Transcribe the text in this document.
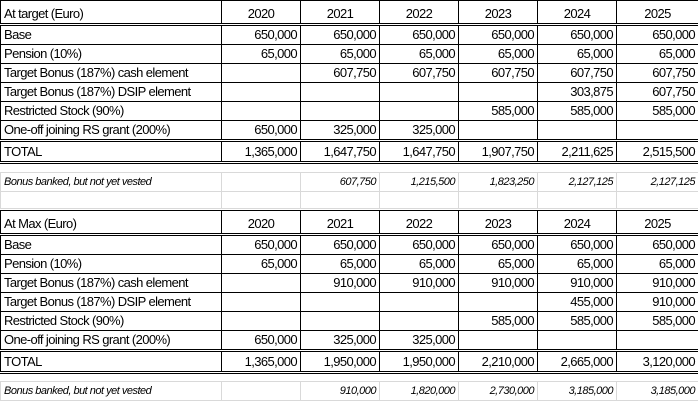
At target (Euro)	2020	2021	2022	2023	2024	2025
Base	650,000	650,000	650,000	650,000	650,000	650,000
Pension (10%)	65,000	65,000	65,000	65,000	65,000	65,000
Target Bonus (187%) cash element		607,750	607,750	607,750	607,750	607,750
Target Bonus (187%) DSIP element					303,875	607,750
Restricted Stock (90%)				585,000	585,000	585,000
One-off joining RS grant (200%)	650,000	325,000	325,000			
TOTAL	1,365,000	1,647,750	1,647,750	1,907,750	2,211,625	2,515,500
Bonus banked, but not yet vested		607,750	1,215,500	1,823,250	2,127,125	2,127,125

At Max (Euro)	2020	2021	2022	2023	2024	2025
Base	650,000	650,000	650,000	650,000	650,000	650,000
Pension (10%)	65,000	65,000	65,000	65,000	65,000	65,000
Target Bonus (187%) cash element		910,000	910,000	910,000	910,000	910,000
Target Bonus (187%) DSIP element					455,000	910,000
Restricted Stock (90%)				585,000	585,000	585,000
One-off joining RS grant (200%)	650,000	325,000	325,000			
TOTAL	1,365,000	1,950,000	1,950,000	2,210,000	2,665,000	3,120,000
Bonus banked, but not yet vested		910,000	1,820,000	2,730,000	3,185,000	3,185,000
